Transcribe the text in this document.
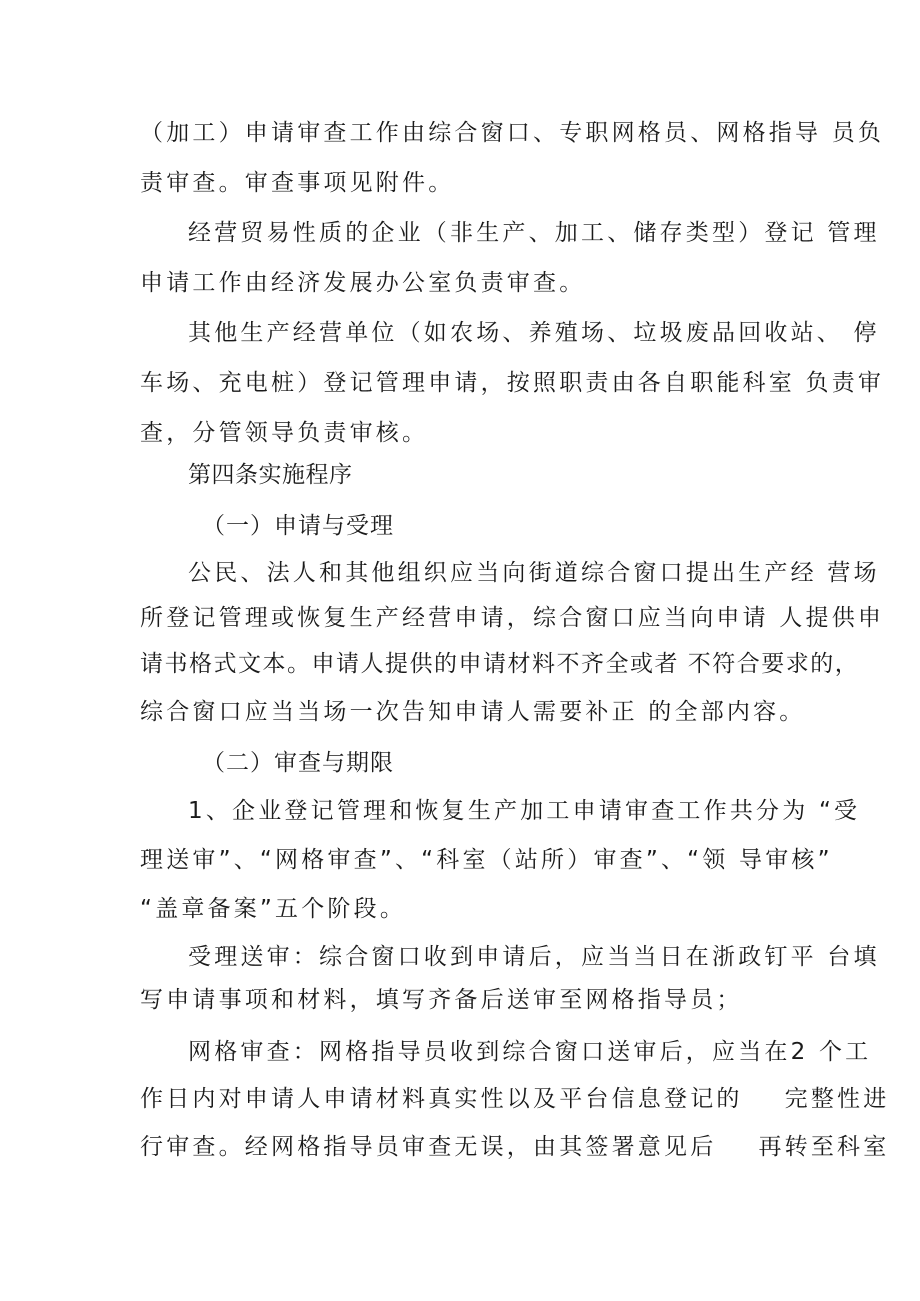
（加工）申请审查工作由综合窗口、专职网格员、网格指导 员负
责审查。审查事项见附件。
经营贸易性质的企业（非生产、加工、储存类型）登记 管理
申请工作由经济发展办公室负责审查。
其他生产经营单位（如农场、养殖场、垃圾废品回收站、 停
车场、充电桩）登记管理申请，按照职责由各自职能科室 负责审
查，分管领导负责审核。
第四条实施程序
（一）申请与受理
公民、法人和其他组织应当向街道综合窗口提出生产经 营场
所登记管理或恢复生产经营申请，综合窗口应当向申请 人提供申
请书格式文本。申请人提供的申请材料不齐全或者 不符合要求的，
综合窗口应当当场一次告知申请人需要补正 的全部内容。
（二）审查与期限
1、企业登记管理和恢复生产加工申请审查工作共分为 “受
理送审”、“网格审查”、“科室（站所）审查”、“领 导审核”
“盖章备案”五个阶段。
受理送审：综合窗口收到申请后，应当当日在浙政钉平 台填
写申请事项和材料，填写齐备后送审至网格指导员；
网格审查：网格指导员收到综合窗口送审后，应当在2 个工
作日内对申请人申请材料真实性以及平台信息登记的    完整性进
行审查。经网格指导员审查无误，由其签署意见后    再转至科室
